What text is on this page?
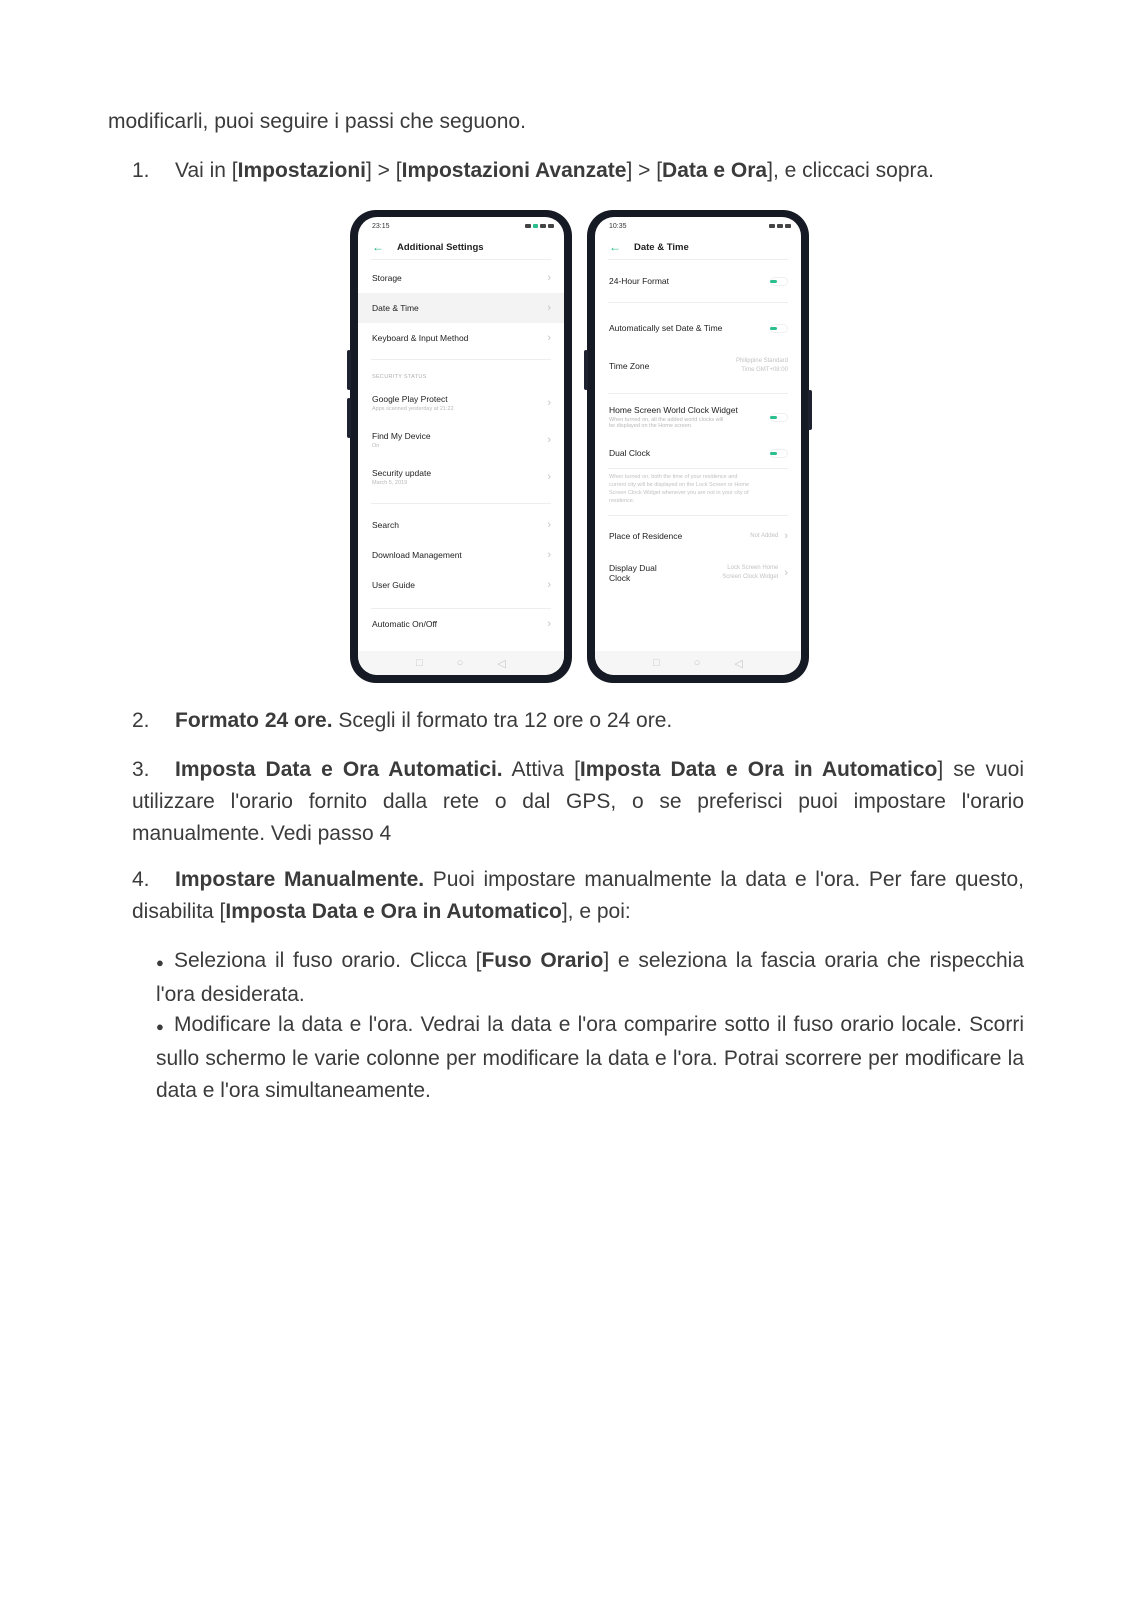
modificarli, puoi seguire i passi che seguono.
1. Vai in [Impostazioni] > [Impostazioni Avanzate] > [Data e Ora], e cliccaci sopra.
23:15
← Additional Settings
Storage	›
Date & Time	›
Keyboard & Input Method	›
SECURITY STATUS
Google Play Protect
Apps scanned yesterday at 21:22	›
Find My Device
On	›
Security update
March 5, 2019	›
Search	›
Download Management	›
User Guide	›
Automatic On/Off	›
□	○	◁
10:35
← Date & Time
24-Hour Format
Automatically set Date & Time
Time Zone	Philippine Standard
Time GMT+08:00
Home Screen World Clock Widget
When turned on, all the added world clocks will
be displayed on the Home screen.
Dual Clock
When turned on, both the time of your residence and
current city will be displayed on the Lock Screen or Home
Screen Clock Widget whenever you are not in your city of
residence.
Place of Residence	Not Added ›
Display Dual
Clock
Lock Screen Home
Screen Clock Widget ›
□	○	◁
2. Formato 24 ore. Scegli il formato tra 12 ore o 24 ore.
3. Imposta Data e Ora Automatici. Attiva [Imposta Data e Ora in Automatico] se vuoi utilizzare l'orario fornito dalla rete o dal GPS, o se preferisci puoi impostare l'orario manualmente. Vedi passo 4
4. Impostare Manualmente. Puoi impostare manualmente la data e l'ora. Per fare questo, disabilita [Imposta Data e Ora in Automatico], e poi:
● Seleziona il fuso orario. Clicca [Fuso Orario] e seleziona la fascia oraria che rispecchia l'ora desiderata.
● Modificare la data e l'ora. Vedrai la data e l'ora comparire sotto il fuso orario locale. Scorri sullo schermo le varie colonne per modificare la data e l'ora. Potrai scorrere per modificare la data e l'ora simultaneamente.
